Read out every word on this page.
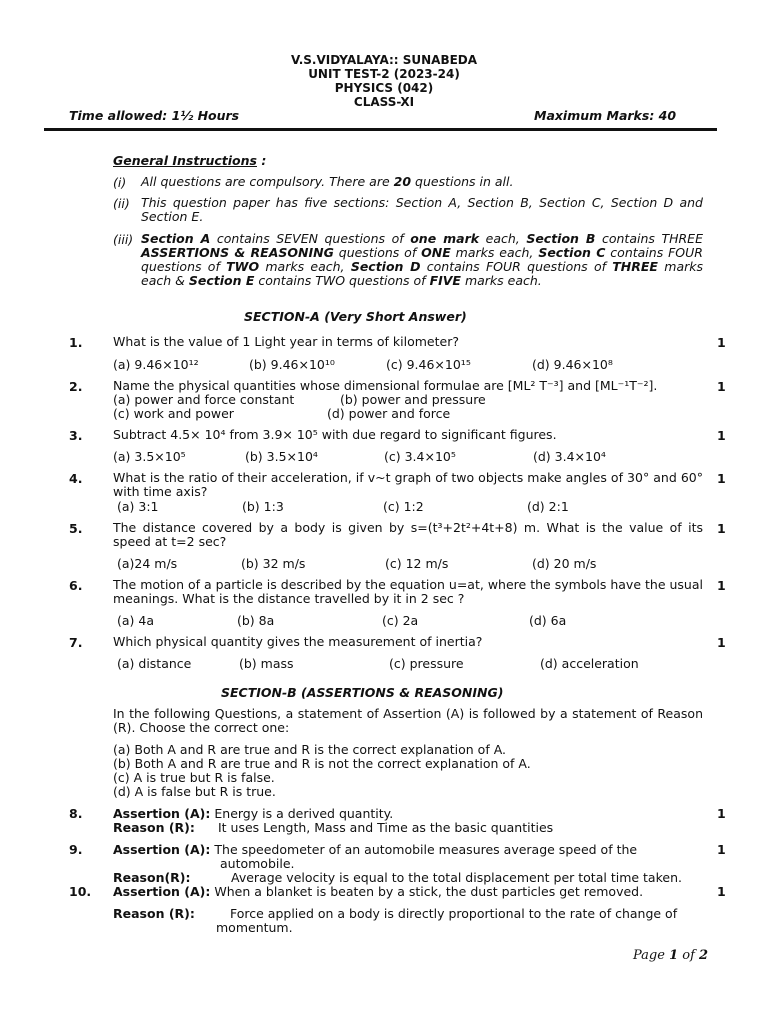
V.S.VIDYALAYA:: SUNABEDA
UNIT TEST-2 (2023-24)
PHYSICS (042)
CLASS-XI
Time allowed: 1½ Hours	Maximum Marks: 40
General Instructions :
(i) All questions are compulsory. There are 20 questions in all.
(ii) This question paper has five sections: Section A, Section B, Section C, Section D and Section E.
(iii) Section A contains SEVEN questions of one mark each, Section B contains THREE ASSERTIONS & REASONING questions of ONE marks each, Section C contains FOUR questions of TWO marks each, Section D contains FOUR questions of THREE marks each & Section E contains TWO questions of FIVE marks each.
SECTION-A (Very Short Answer)
1. What is the value of 1 Light year in terms of kilometer?	1
(a) 9.46×10¹²	(b) 9.46×10¹⁰	(c) 9.46×10¹⁵	(d) 9.46×10⁸
2. Name the physical quantities whose dimensional formulae are [ML² T⁻³] and [ML⁻¹T⁻²].	1
(a) power and force constant	(b) power and pressure
(c) work and power	(d) power and force
3. Subtract 4.5× 10⁴ from 3.9× 10⁵ with due regard to significant figures.	1
(a) 3.5×10⁵	(b) 3.5×10⁴	(c) 3.4×10⁵	(d) 3.4×10⁴
4. What is the ratio of their acceleration, if v~t graph of two objects make angles of 30° and 60° with time axis?
1
(a) 3:1	(b) 1:3	(c) 1:2	(d) 2:1
5. The distance covered by a body is given by s=(t³+2t²+4t+8) m. What is the value of its speed at t=2 sec?
1
(a)24 m/s	(b) 32 m/s	(c) 12 m/s	(d) 20 m/s
6. The motion of a particle is described by the equation u=at, where the symbols have the usual meanings. What is the distance travelled by it in 2 sec ?
1
(a) 4a	(b) 8a	(c) 2a	(d) 6a
7. Which physical quantity gives the measurement of inertia?	1
(a) distance	(b) mass	(c) pressure	(d) acceleration
SECTION-B (ASSERTIONS & REASONING)
In the following Questions, a statement of Assertion (A) is followed by a statement of Reason (R). Choose the correct one:
(a) Both A and R are true and R is the correct explanation of A.
(b) Both A and R are true and R is not the correct explanation of A.
(c) A is true but R is false.
(d) A is false but R is true.
8.	1
Assertion (A): Energy is a derived quantity.
Reason (R): It uses Length, Mass and Time as the basic quantities
9.	1
Assertion (A): The speedometer of an automobile measures average speed of the
automobile.
Reason(R):	Average velocity is equal to the total displacement per total time taken.
10.	1
Assertion (A): When a blanket is beaten by a stick, the dust particles get removed.
Reason (R):	Force applied on a body is directly proportional to the rate of change of
momentum.
Page 1 of 2
